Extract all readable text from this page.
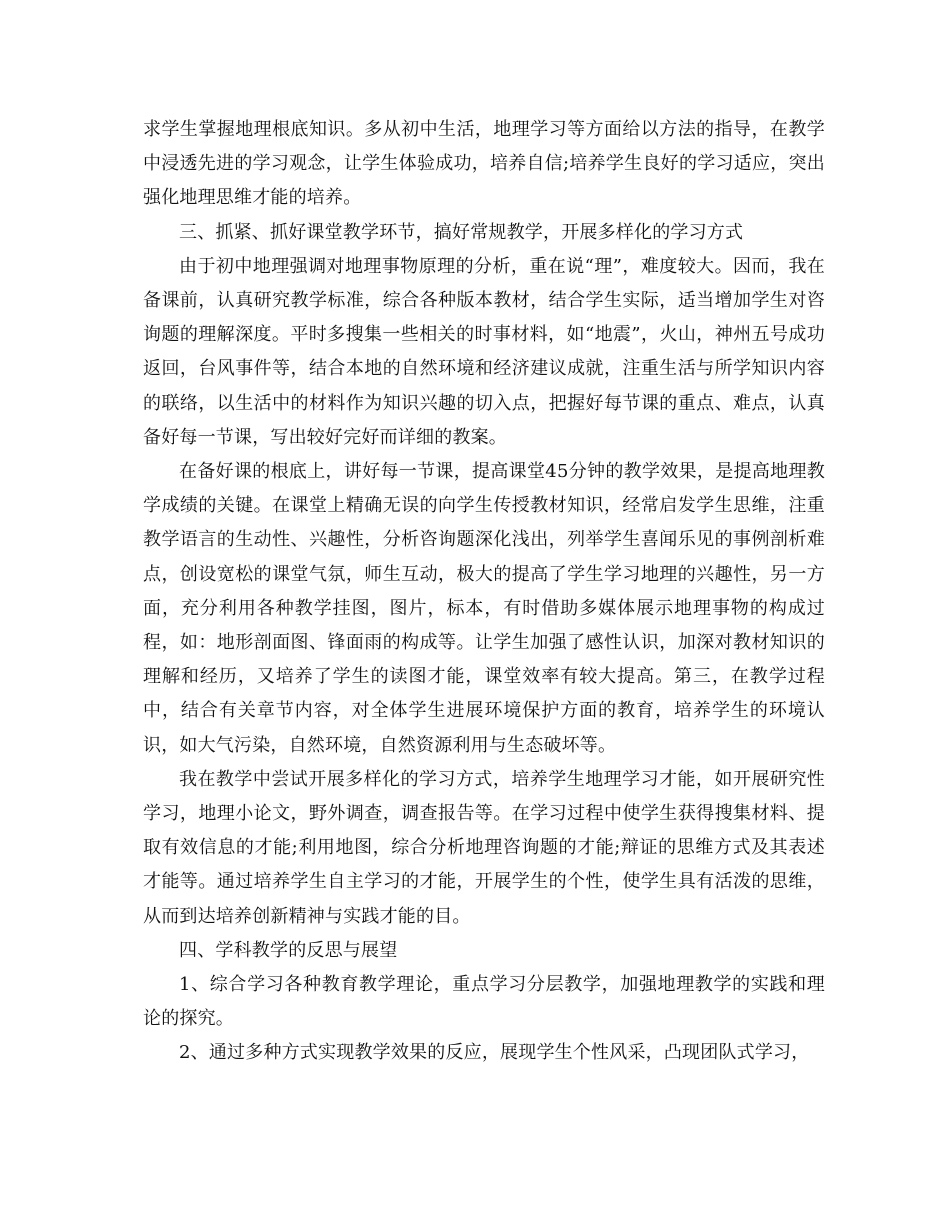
求学生掌握地理根底知识。多从初中生活，地理学习等方面给以方法的指导，在教学中浸透先进的学习观念，让学生体验成功，培养自信;培养学生良好的学习适应，突出强化地理思维才能的培养。

三、抓紧、抓好课堂教学环节，搞好常规教学，开展多样化的学习方式

由于初中地理强调对地理事物原理的分析，重在说“理”，难度较大。因而，我在备课前，认真研究教学标准，综合各种版本教材，结合学生实际，适当增加学生对咨询题的理解深度。平时多搜集一些相关的时事材料，如“地震”，火山，神州五号成功返回，台风事件等，结合本地的自然环境和经济建议成就，注重生活与所学知识内容的联络，以生活中的材料作为知识兴趣的切入点，把握好每节课的重点、难点，认真备好每一节课，写出较好完好而详细的教案。

在备好课的根底上，讲好每一节课，提高课堂45分钟的教学效果，是提高地理教学成绩的关键。在课堂上精确无误的向学生传授教材知识，经常启发学生思维，注重教学语言的生动性、兴趣性，分析咨询题深化浅出，列举学生喜闻乐见的事例剖析难点，创设宽松的课堂气氛，师生互动，极大的提高了学生学习地理的兴趣性，另一方面，充分利用各种教学挂图，图片，标本，有时借助多媒体展示地理事物的构成过程，如：地形剖面图、锋面雨的构成等。让学生加强了感性认识，加深对教材知识的理解和经历，又培养了学生的读图才能，课堂效率有较大提高。第三，在教学过程中，结合有关章节内容，对全体学生进展环境保护方面的教育，培养学生的环境认识，如大气污染，自然环境，自然资源利用与生态破坏等。

我在教学中尝试开展多样化的学习方式，培养学生地理学习才能，如开展研究性学习，地理小论文，野外调查，调查报告等。在学习过程中使学生获得搜集材料、提取有效信息的才能;利用地图，综合分析地理咨询题的才能;辩证的思维方式及其表述才能等。通过培养学生自主学习的才能，开展学生的个性，使学生具有活泼的思维，从而到达培养创新精神与实践才能的目。

四、学科教学的反思与展望

1、综合学习各种教育教学理论，重点学习分层教学，加强地理教学的实践和理论的探究。

2、通过多种方式实现教学效果的反应，展现学生个性风采，凸现团队式学习，
